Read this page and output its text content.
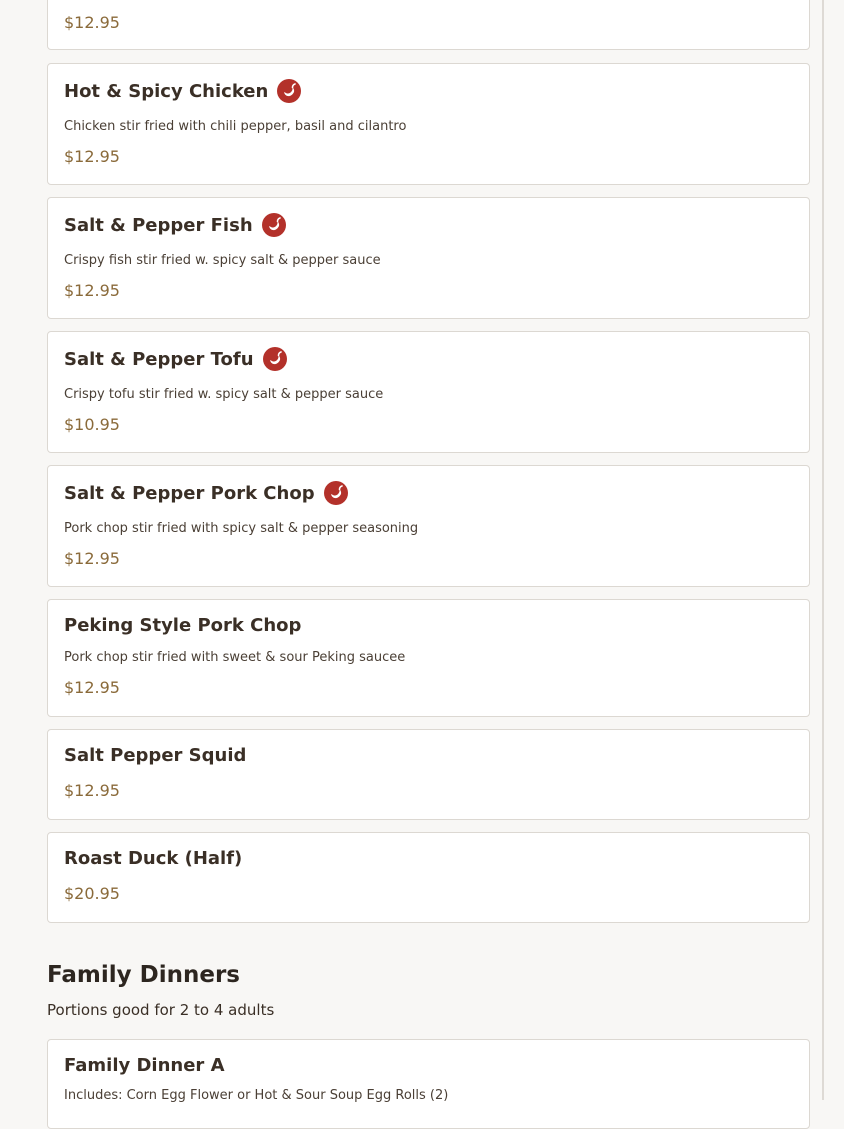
$12.95
Hot & Spicy Chicken
Chicken stir fried with chili pepper, basil and cilantro
$12.95
Salt & Pepper Fish
Crispy fish stir fried w. spicy salt & pepper sauce
$12.95
Salt & Pepper Tofu
Crispy tofu stir fried w. spicy salt & pepper sauce
$10.95
Salt & Pepper Pork Chop
Pork chop stir fried with spicy salt & pepper seasoning
$12.95
Peking Style Pork Chop
Pork chop stir fried with sweet & sour Peking saucee
$12.95
Salt Pepper Squid
$12.95
Roast Duck (Half)
$20.95
Family Dinners
Portions good for 2 to 4 adults
Family Dinner A
Includes: Corn Egg Flower or Hot & Sour Soup Egg Rolls (2)
